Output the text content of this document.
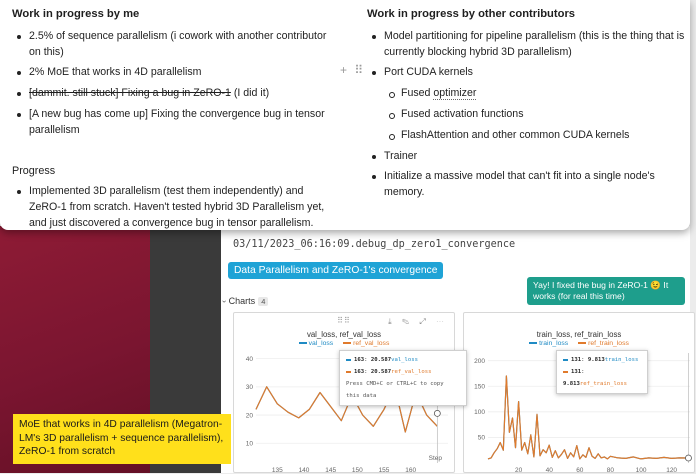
03/11/2023_06:16:09.debug_dp_zero1_convergence
Data Parallelism and ZeRO-1's convergence
Yay! I fixed the bug in ZeRO-1 😉 It works (for real this time)
›Charts 4
⠿⠿	⤓ ✎ ⤢ ⋯
val_loss, ref_val_loss
val_loss	ref_val_loss
10
20
30
40
135 140 145 150 155 160
Step
train_loss, ref_train_loss
train_loss	ref_train_loss
50
100
150
200
20	40	60	80	100	120
163: 20.587val_loss
163: 20.587ref_val_loss
Press CMD+C or CTRL+C to copy this data
131: 9.813train_loss
131: 9.813ref_train_loss
Work in progress by me
2.5% of sequence parallelism (i cowork with another contributor on this)
2% MoE that works in 4D parallelism
[dammit. still stuck] Fixing a bug in ZeRO-1 (I did it)
[A new bug has come up] Fixing the convergence bug in tensor parallelism
Progress
Implemented 3D parallelism (test them independently) and ZeRO-1 from scratch. Haven't tested hybrid 3D Parallelism yet, and just discovered a convergence bug in tensor parallelism.
+ ⠿
Work in progress by other contributors
Model partitioning for pipeline parallelism (this is the thing that is currently blocking hybrid 3D parallelism)
Port CUDA kernels
Fused optimizer
Fused activation functions
FlashAttention and other common CUDA kernels
Trainer
Initialize a massive model that can't fit into a single node's memory.
MoE that works in 4D parallelism (Megatron-LM's 3D parallelism + sequence parallelism), ZeRO-1 from scratch
